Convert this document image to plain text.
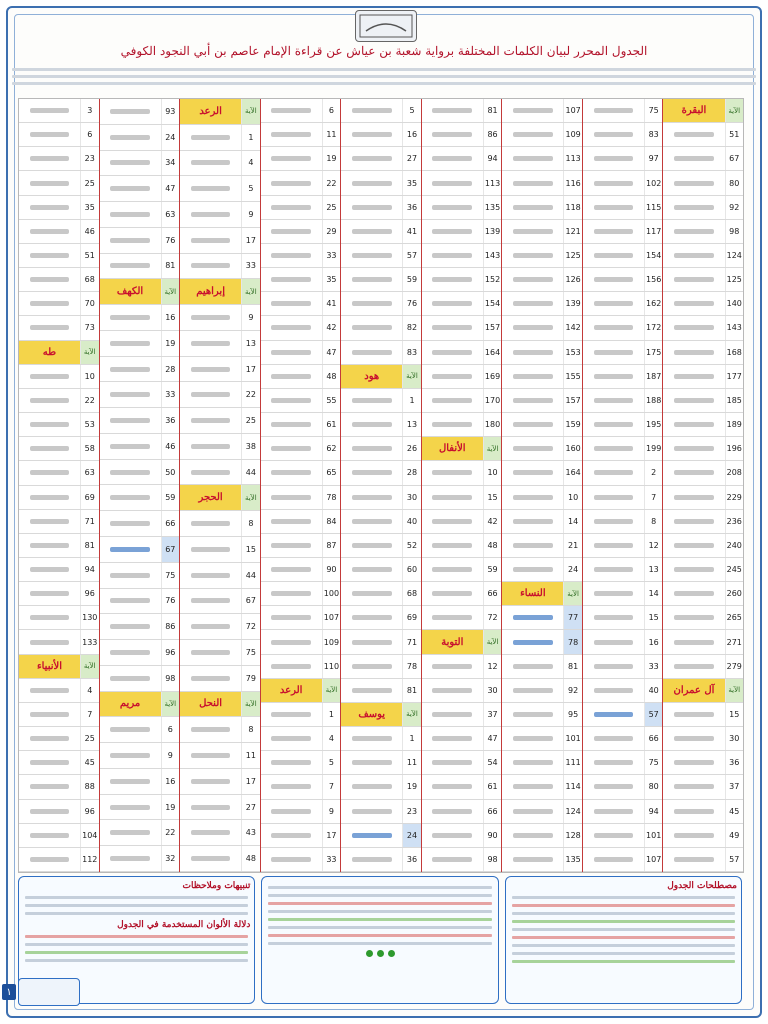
الجدول المحرر لبيان الكلمات المختلفة برواية شعبة بن عياش عن قراءة الإمام عاصم بن أبي النجود الكوفي
الآية
البقرة
51
67
80
92
98
124
125
140
143
168
177
185
189
196
208
229
236
240
245
260
265
271
279
الآية
آل عمران
15
30
36
37
45
49
57
75
83
97
102
115
117
154
156
162
172
175
187
188
195
199
2
7
8
12
13
14
15
16
33
40
57
66
75
80
94
101
107
107
109
113
116
118
121
125
126
139
142
153
155
157
159
160
164
10
14
21
24
الآية
النساء
77
78
81
92
95
101
111
114
124
128
135
81
86
94
113
135
139
143
152
154
157
164
169
170
180
الآية
الأنفال
10
15
42
48
59
66
72
الآية
التوبة
12
30
37
47
54
61
66
90
98
5
16
27
35
36
41
57
59
76
82
83
الآية
هود
1
13
26
28
30
40
52
60
68
69
71
78
81
الآية
يوسف
1
11
19
23
24
36
6
11
19
22
25
29
33
35
41
42
47
48
55
61
62
65
78
84
87
90
100
107
109
110
الآية
الرعد
1
4
5
7
9
17
33
الآية
الرعد
1
4
5
9
17
33
الآية
إبراهيم
9
13
17
22
25
38
44
الآية
الحجر
8
15
44
67
72
75
79
الآية
النحل
8
11
17
27
43
48
93
24
34
47
63
76
81
الآية
الكهف
16
19
28
33
36
46
50
59
66
67
75
76
86
96
98
الآية
مريم
6
9
16
19
22
32
3
6
23
25
35
46
51
68
70
73
الآية
طه
10
22
53
58
63
69
71
81
94
96
130
133
الآية
الأنبياء
4
7
25
45
88
96
104
112
مصطلحات الجدول
تنبيهات وملاحظات
دلالة الألوان المستخدمة في الجدول
١
